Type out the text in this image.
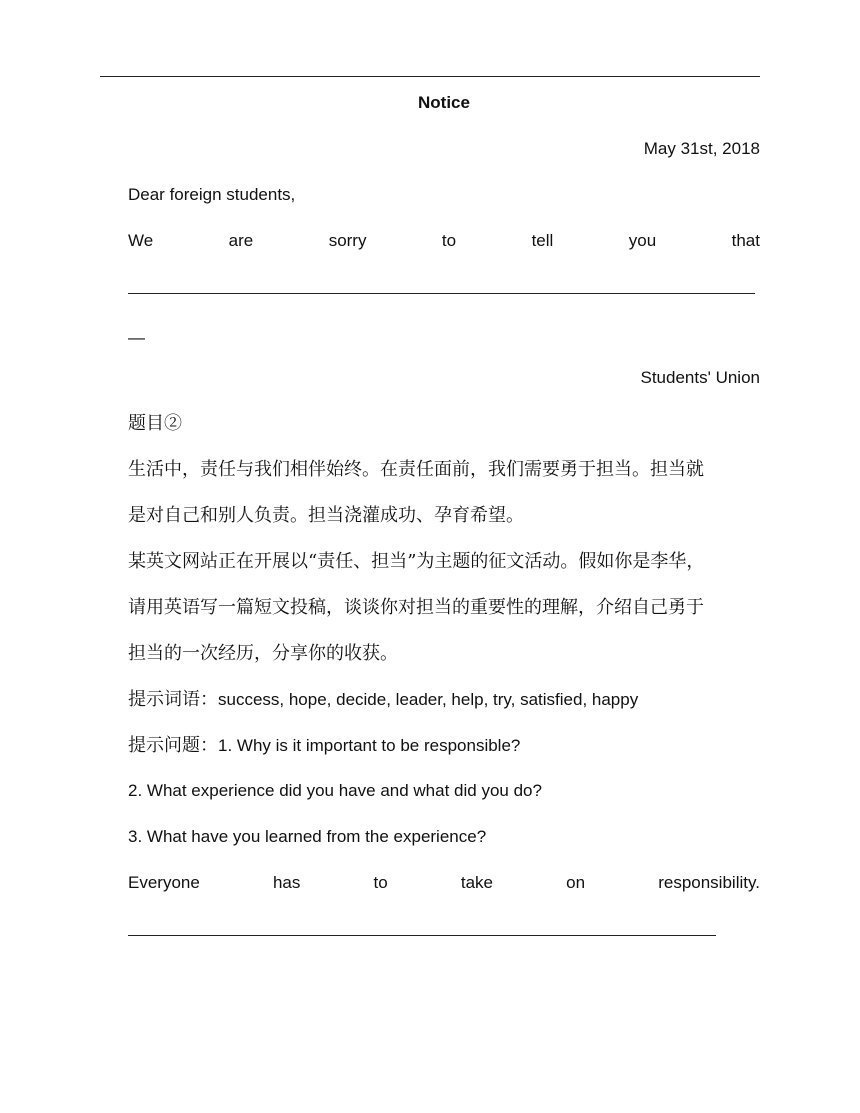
Notice
May 31st, 2018
Dear foreign students,
We	are	sorry	to	tell	you	that
—
Students' Union
题目②
生活中，责任与我们相伴始终。在责任面前，我们需要勇于担当。担当就
是对自己和别人负责。担当浇灌成功、孕育希望。
某英文网站正在开展以“责任、担当”为主题的征文活动。假如你是李华，
请用英语写一篇短文投稿，谈谈你对担当的重要性的理解，介绍自己勇于
担当的一次经历，分享你的收获。
提示词语：success, hope, decide, leader, help, try, satisfied, happy
提示问题：1. Why is it important to be responsible?
2. What experience did you have and what did you do?
3. What have you learned from the experience?
Everyone	has	to	take	on	responsibility.
